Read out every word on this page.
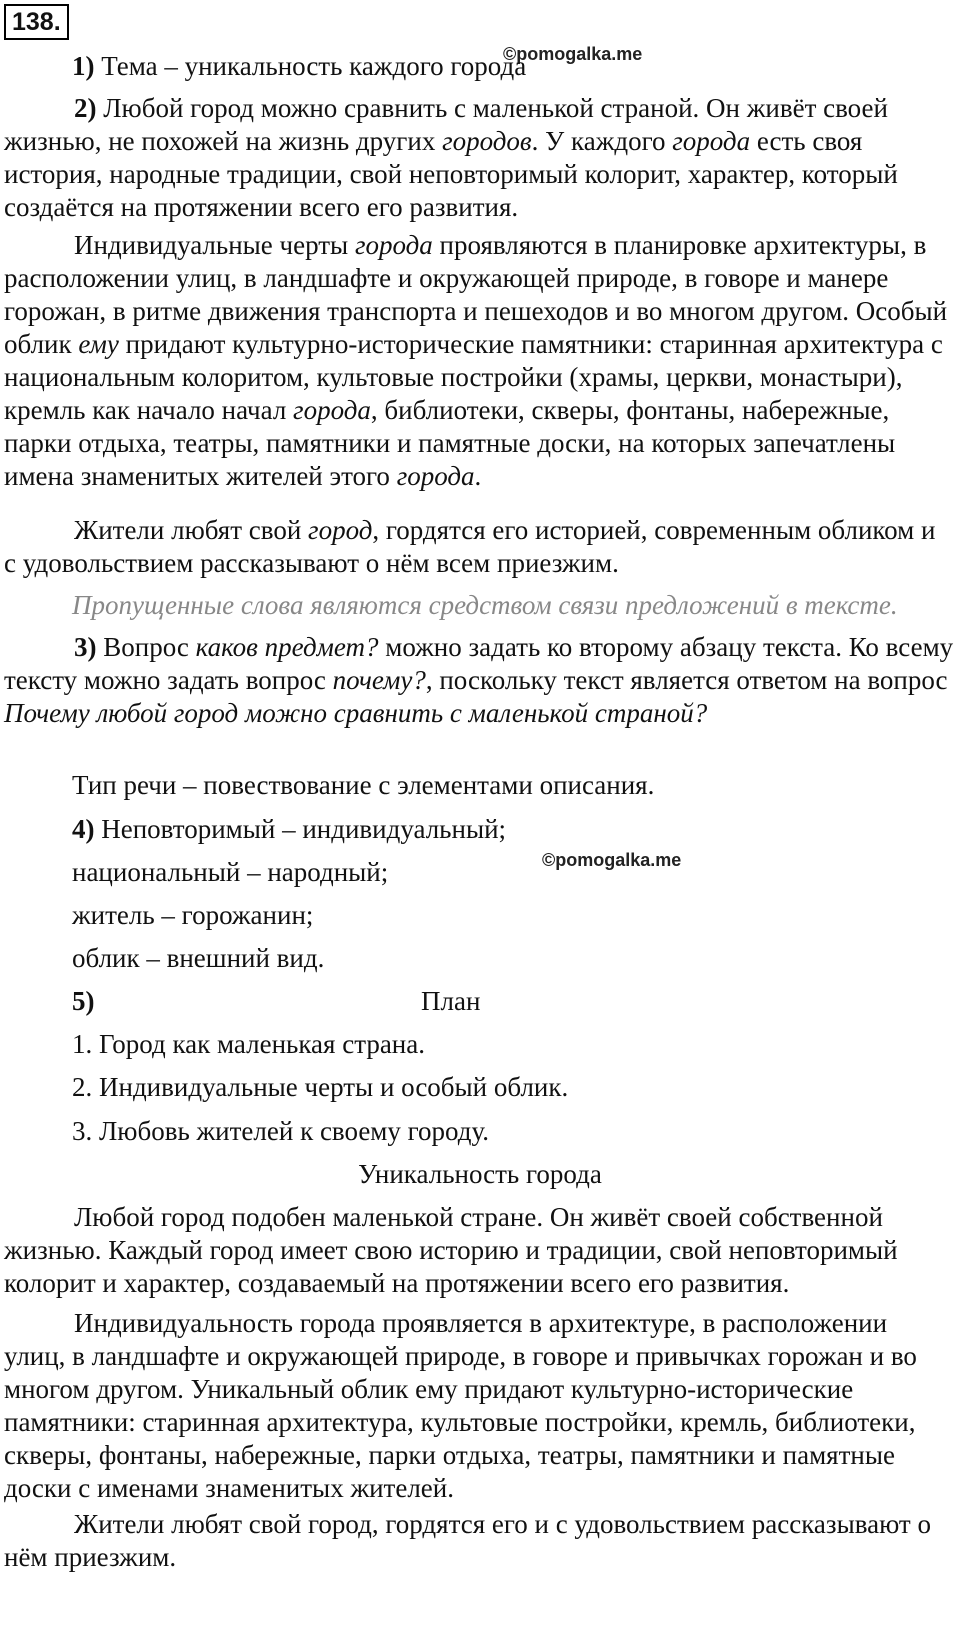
138.
©pomogalka.me
©pomogalka.me
1) Тема – уникальность каждого города
2) Любой город можно сравнить с маленькой страной. Он живёт своей жизнью, не похожей на жизнь других городов. У каждого города есть своя история, народные традиции, свой неповторимый колорит, характер, который создаётся на протяжении всего его развития.
Индивидуальные черты города проявляются в планировке архитектуры, в расположении улиц, в ландшафте и окружающей природе, в говоре и манере горожан, в ритме движения транспорта и пешеходов и во многом другом. Особый облик ему придают культурно-исторические памятники: старинная архитектура с национальным колоритом, культовые постройки (храмы, церкви, монастыри), кремль как начало начал города, библиотеки, скверы, фонтаны, набережные, парки отдыха, театры, памятники и памятные доски, на которых запечатлены имена знаменитых жителей этого города.
Жители любят свой город, гордятся его историей, современным обликом и с удовольствием рассказывают о нём всем приезжим.
Пропущенные слова являются средством связи предложений в тексте.
3) Вопрос каков предмет? можно задать ко второму абзацу текста. Ко всему тексту можно задать вопрос почему?, поскольку текст является ответом на вопрос Почему любой город можно сравнить с маленькой страной?
Тип речи – повествование с элементами описания.
4) Неповторимый – индивидуальный;
национальный – народный;
житель – горожанин;
облик – внешний вид.
5)	План
1. Город как маленькая страна.
2. Индивидуальные черты и особый облик.
3. Любовь жителей к своему городу.
Уникальность города
Любой город подобен маленькой стране. Он живёт своей собственной жизнью. Каждый город имеет свою историю и традиции, свой неповторимый колорит и характер, создаваемый на протяжении всего его развития.
Индивидуальность города проявляется в архитектуре, в расположении улиц, в ландшафте и окружающей природе, в говоре и привычках горожан и во многом другом. Уникальный облик ему придают культурно-исторические памятники: старинная архитектура, культовые постройки, кремль, библиотеки, скверы, фонтаны, набережные, парки отдыха, театры, памятники и памятные доски с именами знаменитых жителей.
Жители любят свой город, гордятся его и с удовольствием рассказывают о нём приезжим.
